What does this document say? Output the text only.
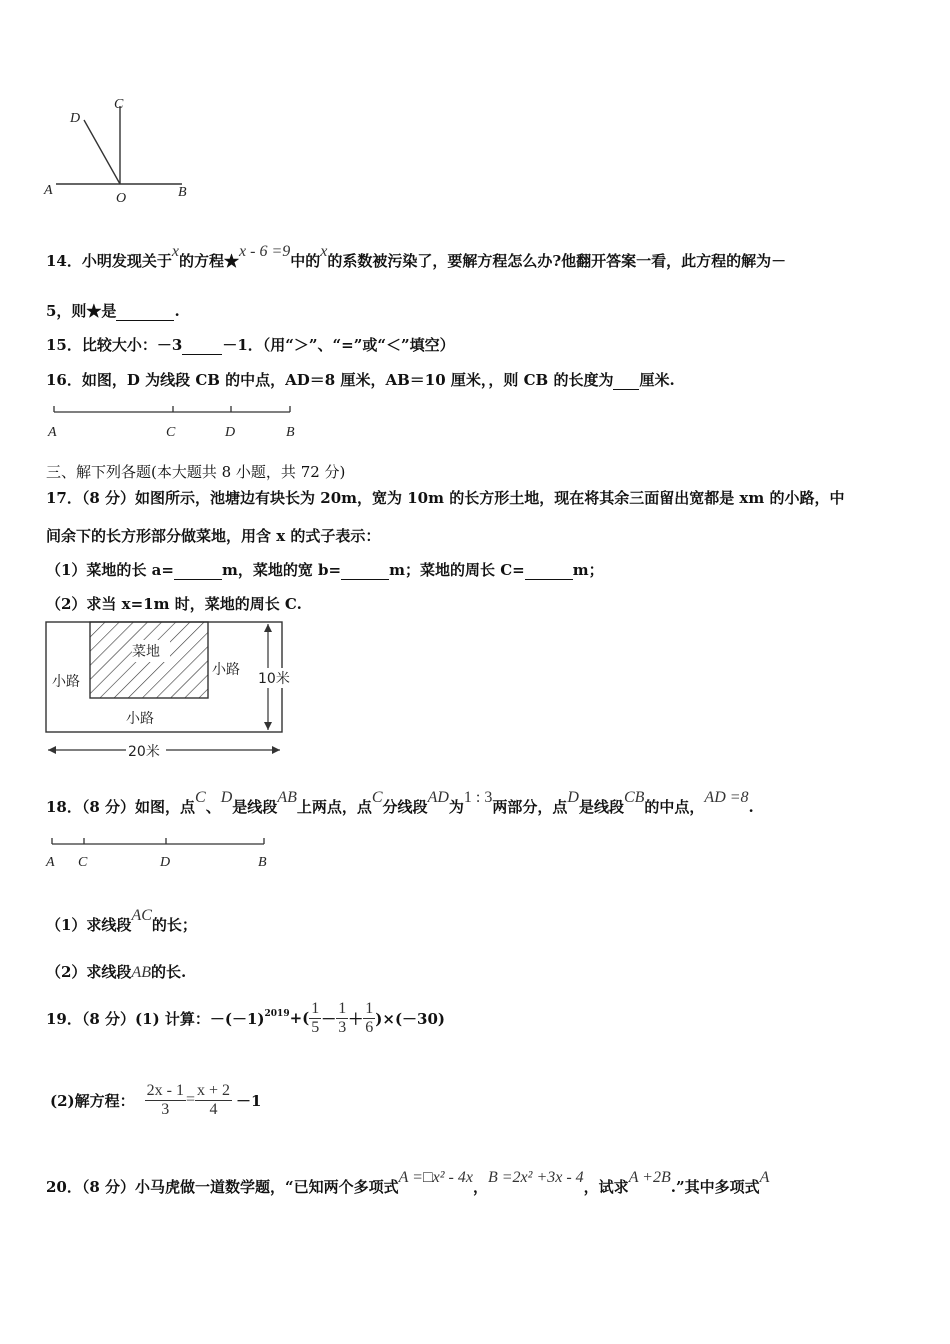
D
C
A
O	B
14．小明发现关于x的方程★x - 6 =9中的x的系数被污染了，要解方程怎么办?他翻开答案一看，此方程的解为－
5，则★是	.
15．比较大小：－3	－1．（用“＞”、“=”或“＜”填空）
16．如图，D 为线段 CB 的中点，AD＝8 厘米，AB＝10 厘米，，则 CB 的长度为 厘米.
A	C	D	B
三、解下列各题(本大题共 8 小题，共 72 分)
17．（8 分）如图所示，池塘边有块长为 20m，宽为 10m 的长方形土地，现在将其余三面留出宽都是 xm 的小路，中
间余下的长方形部分做菜地，用含 x 的式子表示：
（1）菜地的长 a=	m，菜地的宽 b=	m；菜地的周长 C=	m；
（2）求当 x=1m 时，菜地的周长 C.
菜地
小路
小路
小路
10米
20米
18．（8 分）如图，点C、D是线段AB上两点，点C分线段AD为1 : 3两部分，点D是线段CB的中点，AD =8.
A C	D	B
（1）求线段AC的长；
（2）求线段AB的长.
19．（8 分）(1) 计算：$-(-1)^{2019}$ +( $\frac{1}{5} - \frac{1}{3} + \frac{1}{6} )\times(-30)$
(2)解方程： $\frac{2x - 1}{3} = \frac{x + 2}{4} -1$
20．（8 分）小马虎做一道数学题，“已知两个多项式A =□x² - 4x，B =2x² +3x - 4，试求A +2B.”其中多项式A
